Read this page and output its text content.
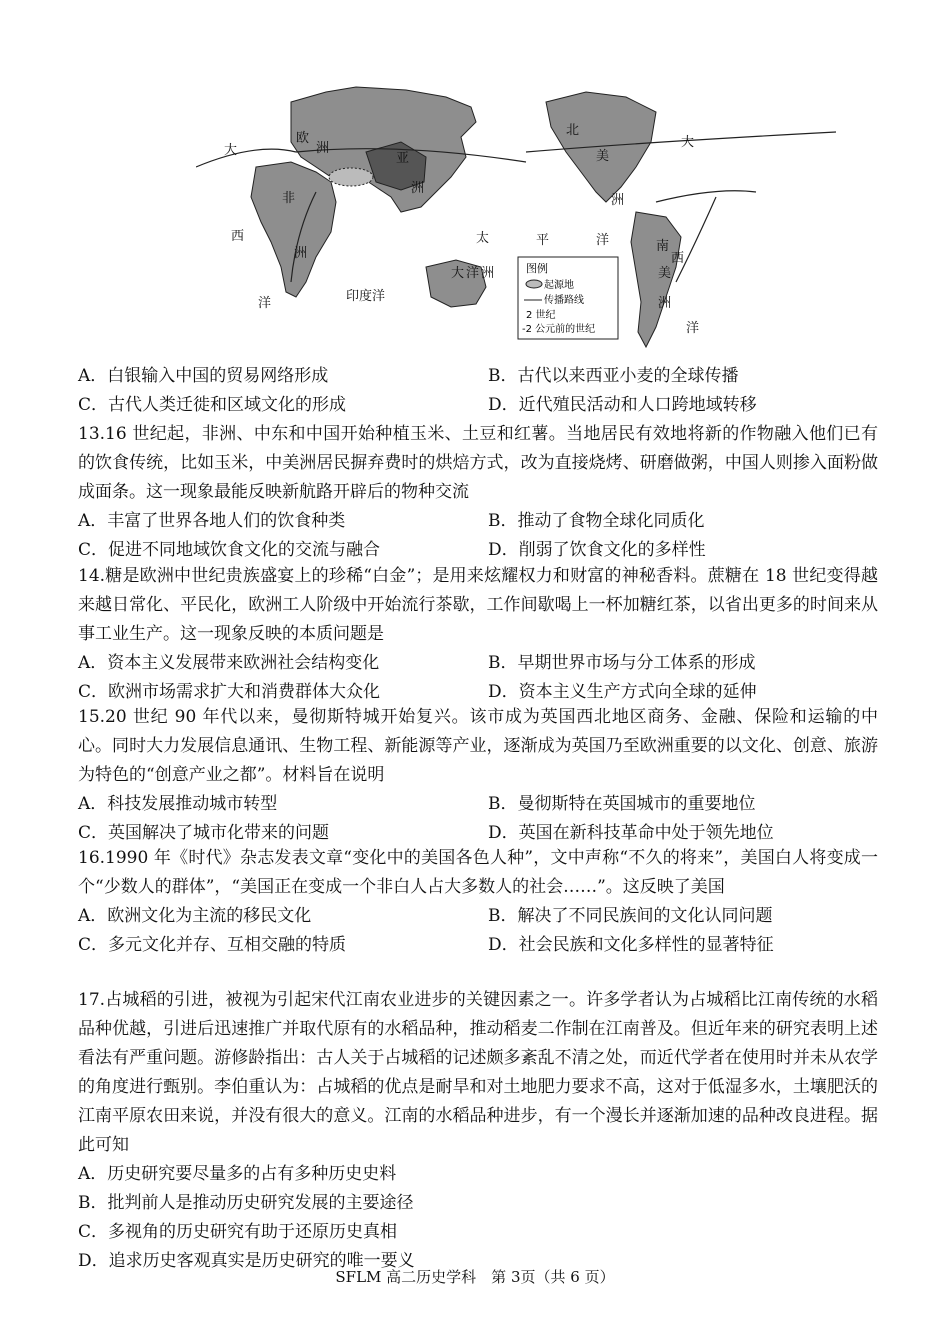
大
西
洋	印度洋
太	平	洋
大
西
洋
欧
洲
亚
洲
非
洲
大 洋 洲
北
美
洲
南
美
洲
图例
起源地
传播路线
2 世纪
-2 公元前的世纪
A．白银输入中国的贸易网络形成	B．古代以来西亚小麦的全球传播
C．古代人类迁徙和区域文化的形成	D．近代殖民活动和人口跨地域转移
13.16 世纪起，非洲、中东和中国开始种植玉米、土豆和红薯。当地居民有效地将新的作物融入他们已有的饮食传统，比如玉米，中美洲居民摒弃费时的烘焙方式，改为直接烧烤、研磨做粥，中国人则掺入面粉做成面条。这一现象最能反映新航路开辟后的物种交流
A．丰富了世界各地人们的饮食种类	B．推动了食物全球化同质化
C．促进不同地域饮食文化的交流与融合	D．削弱了饮食文化的多样性
14.糖是欧洲中世纪贵族盛宴上的珍稀“白金”；是用来炫耀权力和财富的神秘香料。蔗糖在 18 世纪变得越来越日常化、平民化，欧洲工人阶级中开始流行茶歇，工作间歇喝上一杯加糖红茶，以省出更多的时间来从事工业生产。这一现象反映的本质问题是
A．资本主义发展带来欧洲社会结构变化	B．早期世界市场与分工体系的形成
C．欧洲市场需求扩大和消费群体大众化	D．资本主义生产方式向全球的延伸
15.20 世纪 90 年代以来，曼彻斯特城开始复兴。该市成为英国西北地区商务、金融、保险和运输的中心。同时大力发展信息通讯、生物工程、新能源等产业，逐渐成为英国乃至欧洲重要的以文化、创意、旅游为特色的“创意产业之都”。材料旨在说明
A．科技发展推动城市转型	B．曼彻斯特在英国城市的重要地位
C．英国解决了城市化带来的问题	D．英国在新科技革命中处于领先地位
16.1990 年《时代》杂志发表文章“变化中的美国各色人种”，文中声称“不久的将来”，美国白人将变成一个“少数人的群体”，“美国正在变成一个非白人占大多数人的社会……”。这反映了美国
A．欧洲文化为主流的移民文化	B．解决了不同民族间的文化认同问题
C．多元文化并存、互相交融的特质	D．社会民族和文化多样性的显著特征
17.占城稻的引进，被视为引起宋代江南农业进步的关键因素之一。许多学者认为占城稻比江南传统的水稻品种优越，引进后迅速推广并取代原有的水稻品种，推动稻麦二作制在江南普及。但近年来的研究表明上述看法有严重问题。游修龄指出：古人关于占城稻的记述颇多紊乱不清之处，而近代学者在使用时并未从农学的角度进行甄别。李伯重认为：占城稻的优点是耐旱和对土地肥力要求不高，这对于低湿多水，土壤肥沃的江南平原农田来说，并没有很大的意义。江南的水稻品种进步，有一个漫长并逐渐加速的品种改良进程。据此可知
A．历史研究要尽量多的占有多种历史史料
B．批判前人是推动历史研究发展的主要途径
C．多视角的历史研究有助于还原历史真相
D．追求历史客观真实是历史研究的唯一要义
SFLM 高二历史学科　第 3页（共 6 页）
